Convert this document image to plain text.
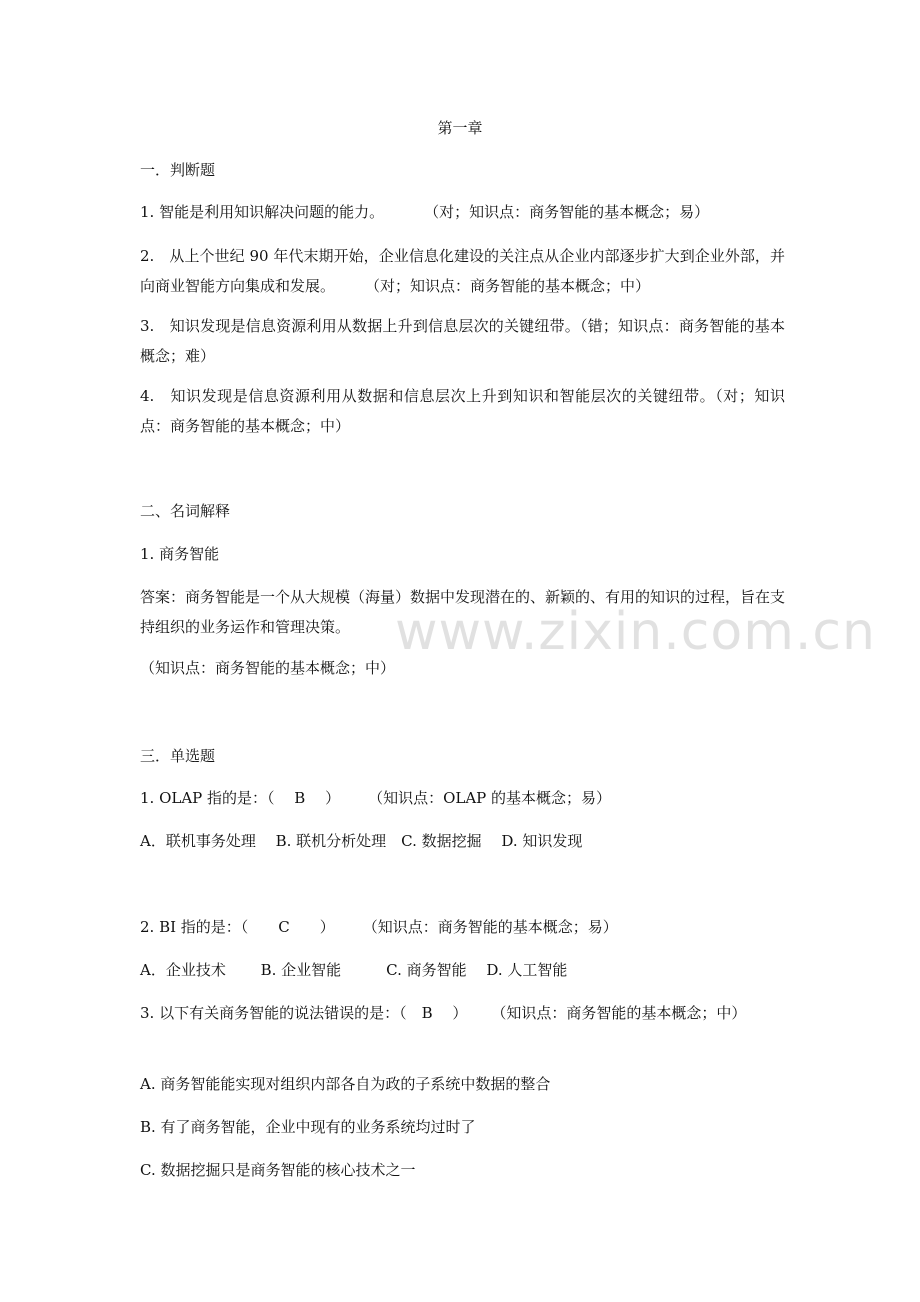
第一章
一．判断题
1. 智能是利用知识解决问题的能力。	（对；知识点：商务智能的基本概念；易）
2.　从上个世纪 90 年代末期开始，企业信息化建设的关注点从企业内部逐步扩大到企业外部，并向商业智能方向集成和发展。 （对；知识点：商务智能的基本概念；中）
3.　知识发现是信息资源利用从数据上升到信息层次的关键纽带。（错；知识点：商务智能的基本概念；难）
4.　知识发现是信息资源利用从数据和信息层次上升到知识和智能层次的关键纽带。（对；知识点：商务智能的基本概念；中）
二、名词解释
1. 商务智能
答案：商务智能是一个从大规模（海量）数据中发现潜在的、新颖的、有用的知识的过程，旨在支持组织的业务运作和管理决策。
（知识点：商务智能的基本概念；中）
三．单选题
1. OLAP 指的是：（　 B　 ） （知识点：OLAP 的基本概念；易）
A．联机事务处理　 B. 联机分析处理　C. 数据挖掘　 D. 知识发现
2. BI 指的是：（　　C　　） （知识点：商务智能的基本概念；易）
A．企业技术　　 B. 企业智能　　　C. 商务智能　 D. 人工智能
3. 以下有关商务智能的说法错误的是：（　B　 ） （知识点：商务智能的基本概念；中）
A. 商务智能能实现对组织内部各自为政的子系统中数据的整合
B. 有了商务智能，企业中现有的业务系统均过时了
C. 数据挖掘只是商务智能的核心技术之一
www.zixin.com.cn
